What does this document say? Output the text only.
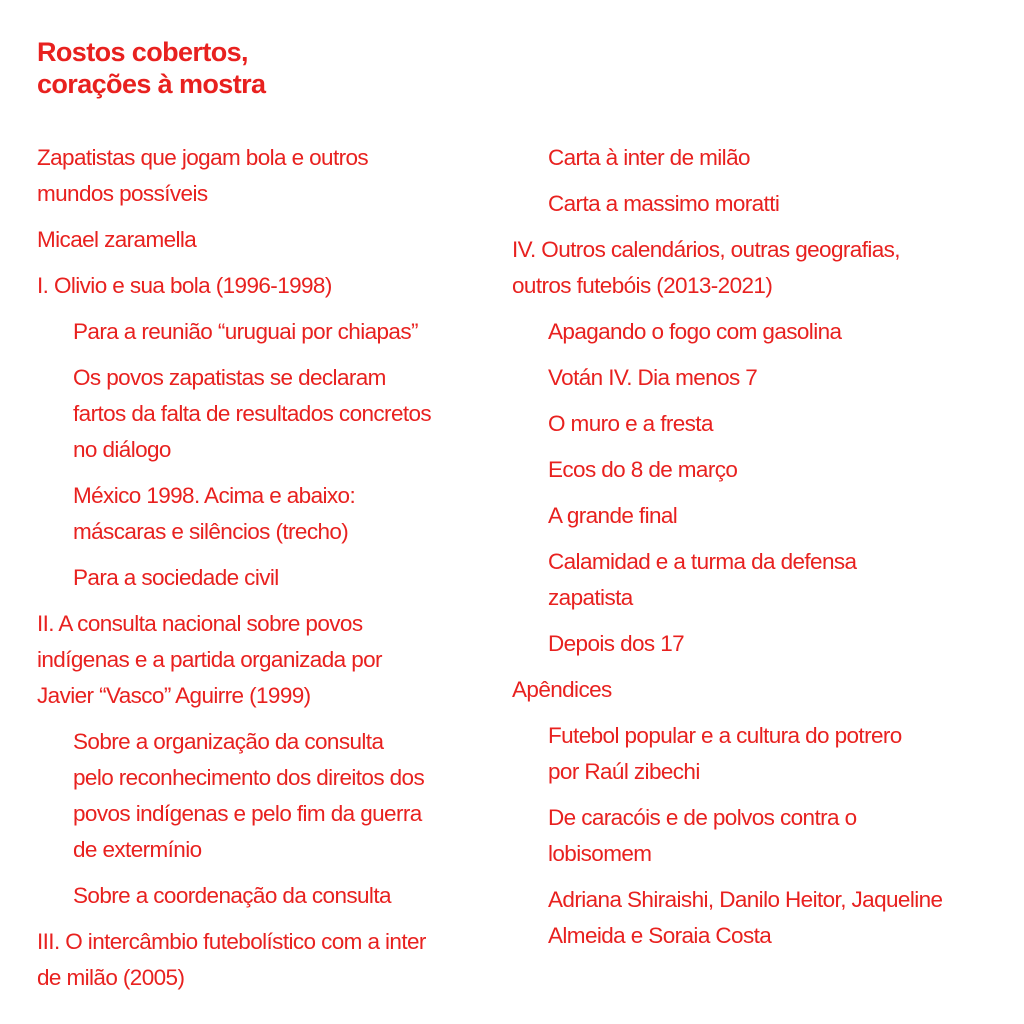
Rostos cobertos,
corações à mostra
Zapatistas que jogam bola e outros
mundos possíveis
Micael zaramella
I. Olivio e sua bola (1996-1998)
Para a reunião “uruguai por chiapas”
Os povos zapatistas se declaram
fartos da falta de resultados concretos
no diálogo
México 1998. Acima e abaixo:
máscaras e silêncios (trecho)
Para a sociedade civil
II. A consulta nacional sobre povos
indígenas e a partida organizada por
Javier “Vasco” Aguirre (1999)
Sobre a organização da consulta
pelo reconhecimento dos direitos dos
povos indígenas e pelo fim da guerra
de extermínio
Sobre a coordenação da consulta
III. O intercâmbio futebolístico com a inter
de milão (2005)
Carta à inter de milão
Carta a massimo moratti
IV. Outros calendários, outras geografias,
outros futebóis (2013-2021)
Apagando o fogo com gasolina
Votán IV. Dia menos 7
O muro e a fresta
Ecos do 8 de março
A grande final
Calamidad e a turma da defensa
zapatista
Depois dos 17
Apêndices
Futebol popular e a cultura do potrero
por Raúl zibechi
De caracóis e de polvos contra o
lobisomem
Adriana Shiraishi, Danilo Heitor, Jaqueline
Almeida e Soraia Costa
